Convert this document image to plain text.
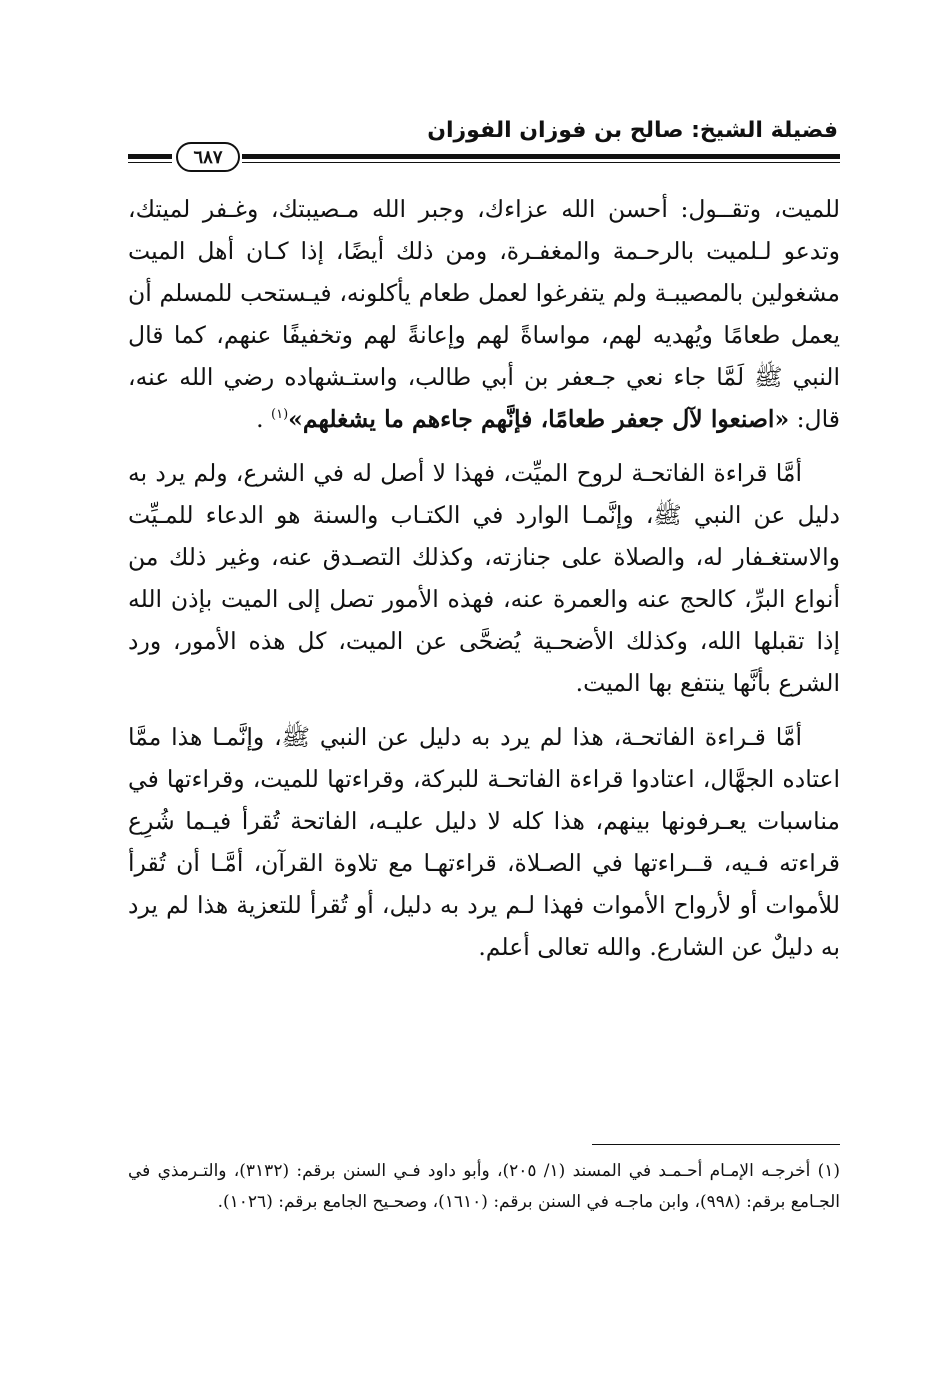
فضيلة الشيخ: صالح بن فوزان الفوزان
٦٨٧

للميت، وتقــول: أحسن الله عزاءك، وجبر الله مـصيبتك، وغـفر لميتك، وتدعو لـلميت بالرحـمة والمغفـرة، ومن ذلك أيضًا، إذا كـان أهل الميت مشغولين بالمصيبـة ولم يتفرغوا لعمل طعام يأكلونه، فيـستحب للمسلم أن يعمل طعامًا ويُهديه لهم، مواساةً لهم وإعانةً لهم وتخفيفًا عنهم، كما قال النبي ﷺ لَمَّا جاء نعي جـعفر بن أبي طالب، واستـشهاده رضي الله عنه، قال: «اصنعوا لآل جعفر طعامًا، فإنَّهم جاءهم ما يشغلهم»$^{(١)}$ .

أمَّا قراءة الفاتحـة لروح الميِّت، فهذا لا أصل له في الشرع، ولم يرد به دليل عن النبي ﷺ، وإنَّمـا الوارد في الكتـاب والسنة هو الدعاء للمـيِّت والاستغـفار له، والصلاة على جنازته، وكذلك التصـدق عنه، وغير ذلك من أنواع البرِّ، كالحج عنه والعمرة عنه، فهذه الأمور تصل إلى الميت بإذن الله إذا تقبلها الله، وكذلك الأضحـية يُضحَّى عن الميت، كل هذه الأمور، ورد الشرع بأنَّها ينتفع بها الميت.

أمَّا قـراءة الفاتحـة، هذا لم يرد به دليل عن النبي ﷺ، وإنَّمـا هذا ممَّا اعتاده الجهَّال، اعتادوا قراءة الفاتحـة للبركة، وقراءتها للميت، وقراءتها في مناسبات يعـرفونها بينهم، هذا كله لا دليل عليـه، الفاتحة تُقرأ فيـما شُرِع قراءته فـيه، قــراءتها في الصـلاة، قراءتهـا مع تلاوة القرآن، أمَّـا أن تُقرأ للأموات أو لأرواح الأموات فهذا لـم يرد به دليل، أو تُقرأ للتعزية هذا لم يرد به دليلٌ عن الشارع. والله تعالى أعلم.

(١) أخرجـه الإمـام أحـمـد في المسند (١/ ٢٠٥)، وأبو داود فـي السنن برقم: (٣١٣٢)، والتـرمذي في الجـامع برقم: (٩٩٨)، وابن ماجـه في السنن برقم: (١٦١٠)، وصحـيح الجامع برقم: (١٠٢٦).
